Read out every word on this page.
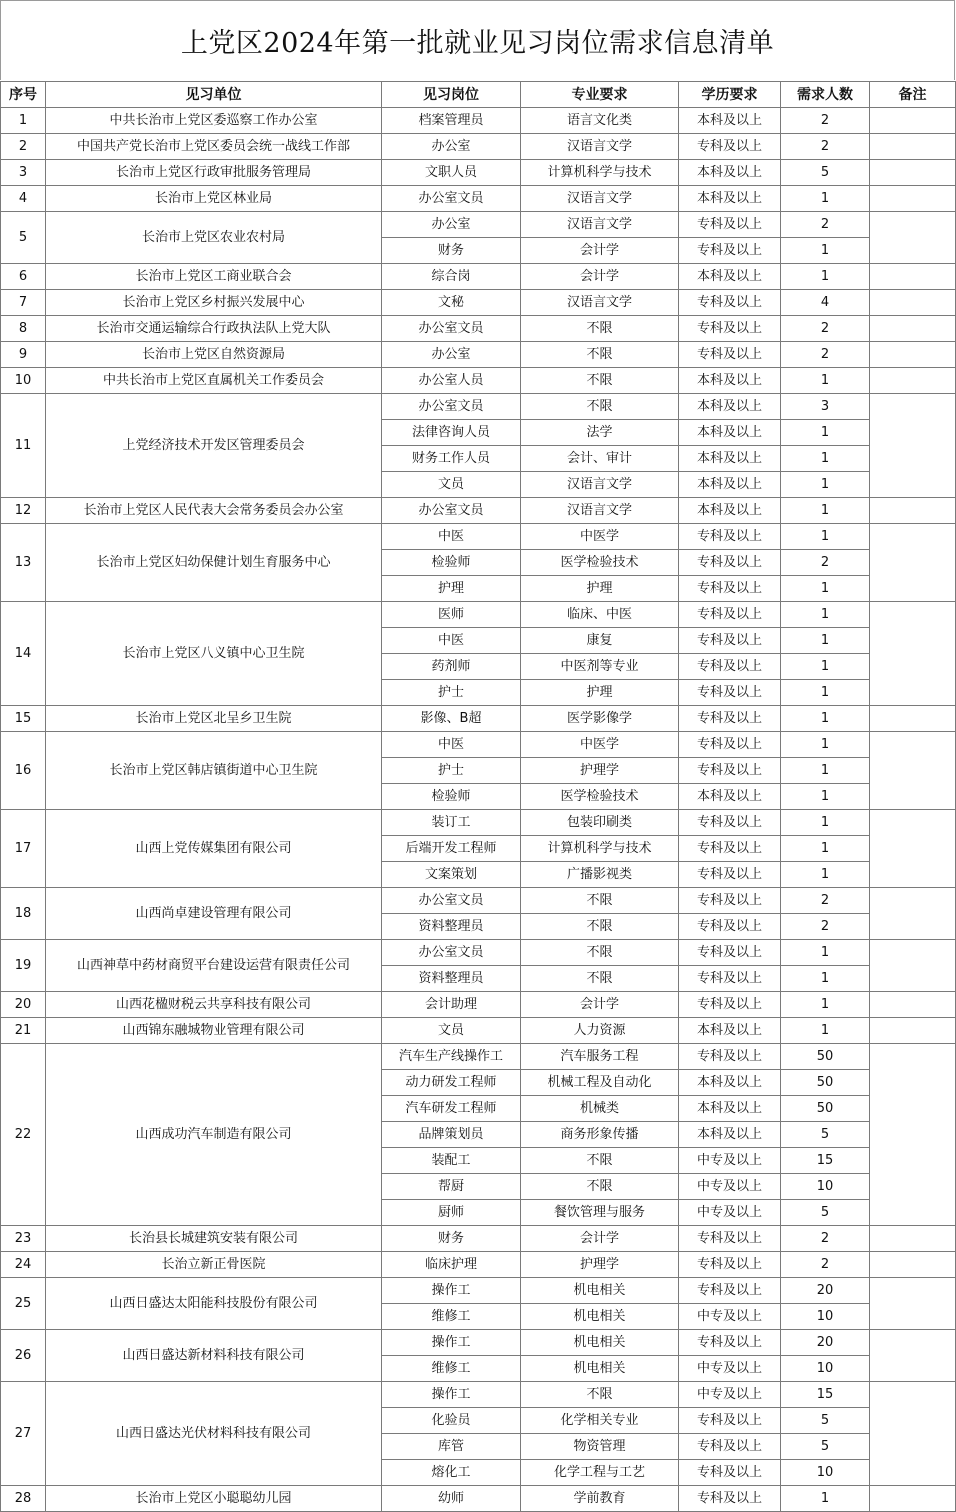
上党区2024年第一批就业见习岗位需求信息清单
序号	见习单位	见习岗位	专业要求	学历要求	需求人数	备注
1	中共长治市上党区委巡察工作办公室	档案管理员	语言文化类	本科及以上	2	
2	中国共产党长治市上党区委员会统一战线工作部	办公室	汉语言文学	专科及以上	2	
3	长治市上党区行政审批服务管理局	文职人员	计算机科学与技术	本科及以上	5	
4	长治市上党区林业局	办公室文员	汉语言文学	本科及以上	1	
5	长治市上党区农业农村局	办公室	汉语言文学	专科及以上	2	
		财务	会计学	专科及以上	1	
6	长治市上党区工商业联合会	综合岗	会计学	本科及以上	1	
7	长治市上党区乡村振兴发展中心	文秘	汉语言文学	专科及以上	4	
8	长治市交通运输综合行政执法队上党大队	办公室文员	不限	专科及以上	2	
9	长治市上党区自然资源局	办公室	不限	专科及以上	2	
10	中共长治市上党区直属机关工作委员会	办公室人员	不限	本科及以上	1	
11	上党经济技术开发区管理委员会	办公室文员	不限	本科及以上	3	
		法律咨询人员	法学	本科及以上	1	
		财务工作人员	会计、审计	本科及以上	1	
		文员	汉语言文学	本科及以上	1	
12	长治市上党区人民代表大会常务委员会办公室	办公室文员	汉语言文学	本科及以上	1	
13	长治市上党区妇幼保健计划生育服务中心	中医	中医学	专科及以上	1	
		检验师	医学检验技术	专科及以上	2	
		护理	护理	专科及以上	1	
14	长治市上党区八义镇中心卫生院	医师	临床、中医	专科及以上	1	
		中医	康复	专科及以上	1	
		药剂师	中医剂等专业	专科及以上	1	
		护士	护理	专科及以上	1	
15	长治市上党区北呈乡卫生院	影像、B超	医学影像学	专科及以上	1	
16	长治市上党区韩店镇街道中心卫生院	中医	中医学	专科及以上	1	
		护士	护理学	专科及以上	1	
		检验师	医学检验技术	本科及以上	1	
17	山西上党传媒集团有限公司	装订工	包装印刷类	专科及以上	1	
		后端开发工程师	计算机科学与技术	专科及以上	1	
		文案策划	广播影视类	专科及以上	1	
18	山西尚卓建设管理有限公司	办公室文员	不限	专科及以上	2	
		资料整理员	不限	专科及以上	2	
19	山西神草中药材商贸平台建设运营有限责任公司	办公室文员	不限	专科及以上	1	
		资料整理员	不限	专科及以上	1	
20	山西花楹财税云共享科技有限公司	会计助理	会计学	专科及以上	1	
21	山西锦东融城物业管理有限公司	文员	人力资源	本科及以上	1	
22	山西成功汽车制造有限公司	汽车生产线操作工	汽车服务工程	专科及以上	50	
		动力研发工程师	机械工程及自动化	本科及以上	50	
		汽车研发工程师	机械类	本科及以上	50	
		品牌策划员	商务形象传播	本科及以上	5	
		装配工	不限	中专及以上	15	
		帮厨	不限	中专及以上	10	
		厨师	餐饮管理与服务	中专及以上	5	
23	长治县长城建筑安装有限公司	财务	会计学	专科及以上	2	
24	长治立新正骨医院	临床护理	护理学	专科及以上	2	
25	山西日盛达太阳能科技股份有限公司	操作工	机电相关	专科及以上	20	
		维修工	机电相关	中专及以上	10	
26	山西日盛达新材料科技有限公司	操作工	机电相关	专科及以上	20	
		维修工	机电相关	中专及以上	10	
27	山西日盛达光伏材料科技有限公司	操作工	不限	中专及以上	15	
		化验员	化学相关专业	专科及以上	5	
		库管	物资管理	专科及以上	5	
		熔化工	化学工程与工艺	专科及以上	10	
28	长治市上党区小聪聪幼儿园	幼师	学前教育	专科及以上	1	
